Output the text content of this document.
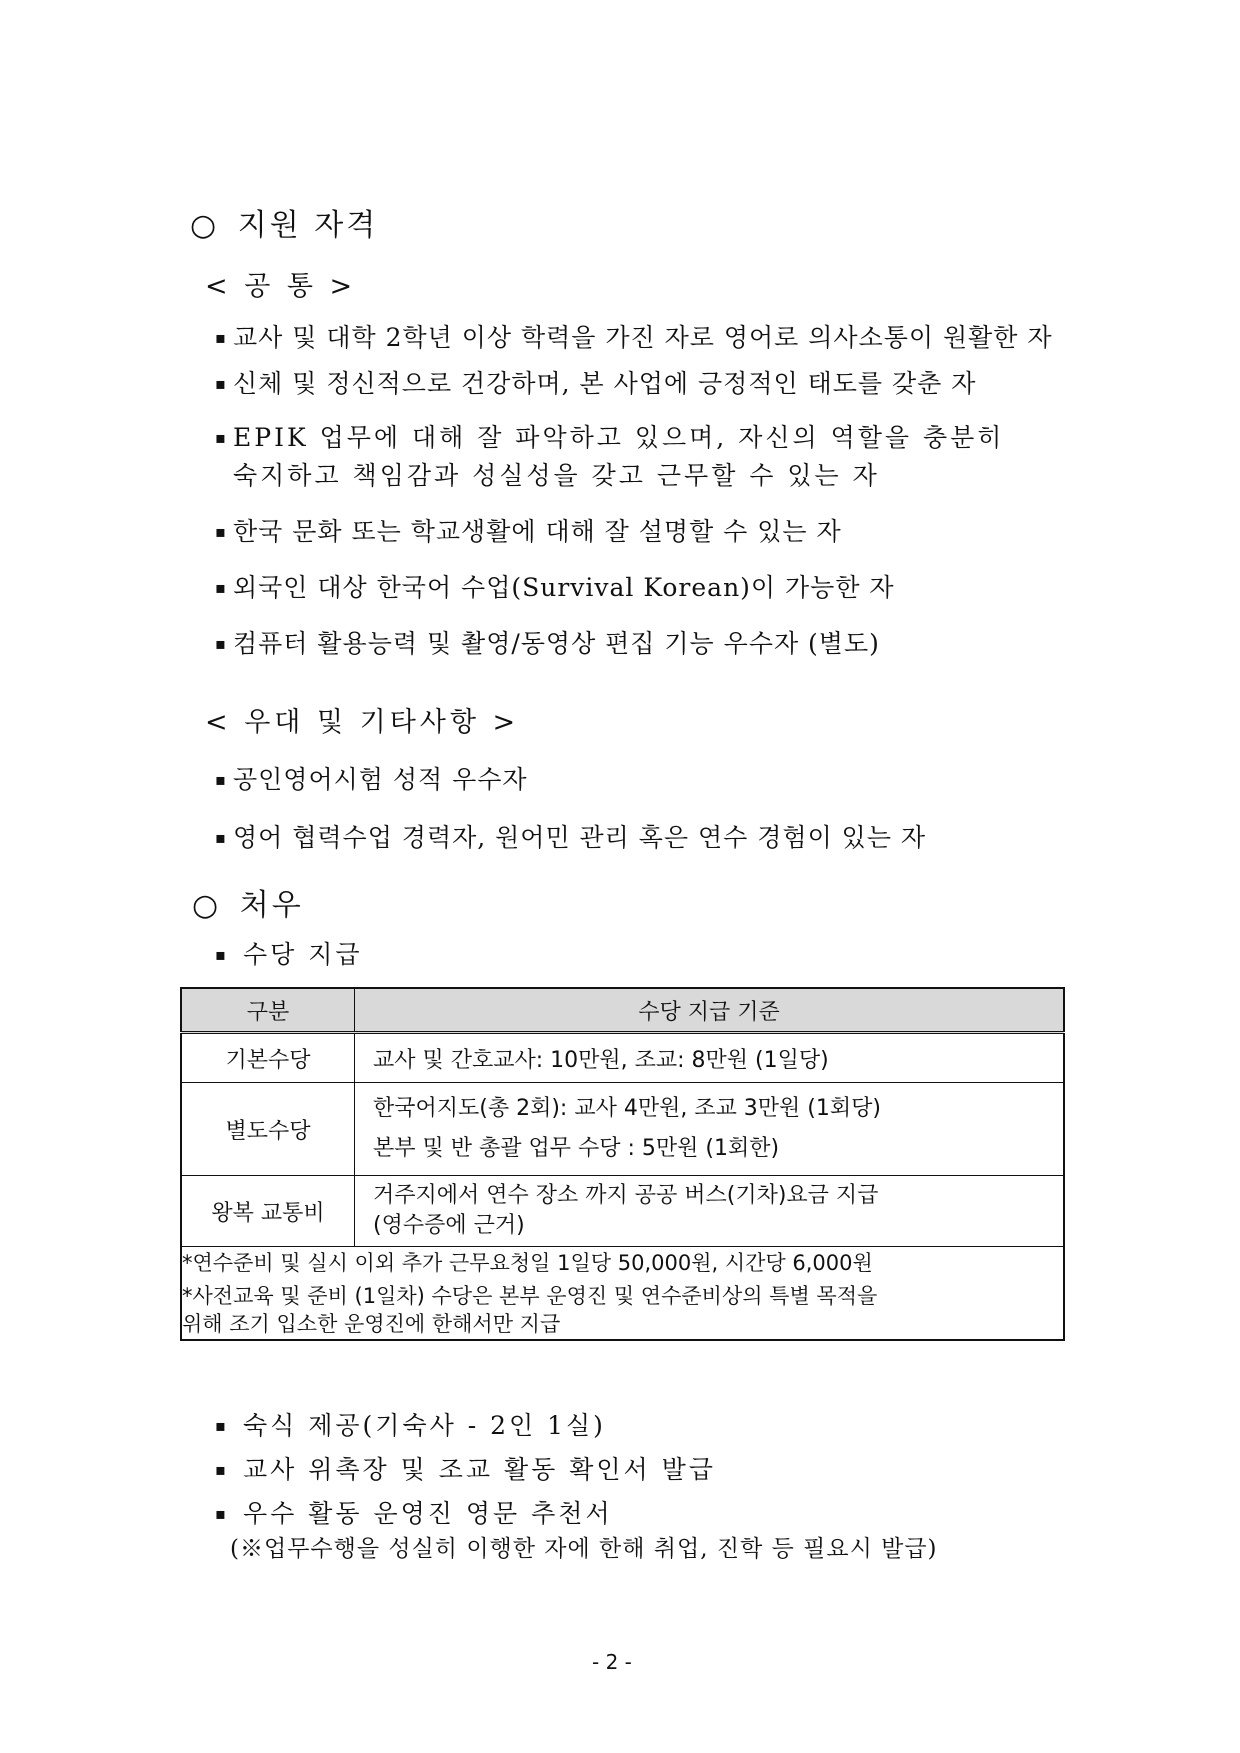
○ 지원 자격
< 공 통 >
▪ 교사 및 대학 2학년 이상 학력을 가진 자로 영어로 의사소통이 원활한 자
▪ 신체 및 정신적으로 건강하며, 본 사업에 긍정적인 태도를 갖춘 자
▪ EPIK 업무에 대해 잘 파악하고 있으며, 자신의 역할을 충분히
숙지하고 책임감과 성실성을 갖고 근무할 수 있는 자
▪ 한국 문화 또는 학교생활에 대해 잘 설명할 수 있는 자
▪ 외국인 대상 한국어 수업(Survival Korean)이 가능한 자
▪ 컴퓨터 활용능력 및 촬영/동영상 편집 기능 우수자 (별도)
< 우대 및 기타사항 >
▪ 공인영어시험 성적 우수자
▪ 영어 협력수업 경력자, 원어민 관리 혹은 연수 경험이 있는 자
○ 처우
▪ 수당 지급
구분	수당 지급 기준
기본수당	교사 및 간호교사: 10만원, 조교: 8만원 (1일당)
별도수당	한국어지도(총 2회): 교사 4만원, 조교 3만원 (1회당)
본부 및 반 총괄 업무 수당 : 5만원 (1회한)

왕복 교통비	거주지에서 연수 장소 까지 공공 버스(기차)요금 지급
(영수증에 근거)

*연수준비 및 실시 이외 추가 근무요청일 1일당 50,000원, 시간당 6,000원
*사전교육 및 준비 (1일차) 수당은 본부 운영진 및 연수준비상의 특별 목적을
위해 조기 입소한 운영진에 한해서만 지급	
▪ 숙식 제공(기숙사 - 2인 1실)
▪ 교사 위촉장 및 조교 활동 확인서 발급
▪ 우수 활동 운영진 영문 추천서
(※업무수행을 성실히 이행한 자에 한해 취업, 진학 등 필요시 발급)
- 2 -
